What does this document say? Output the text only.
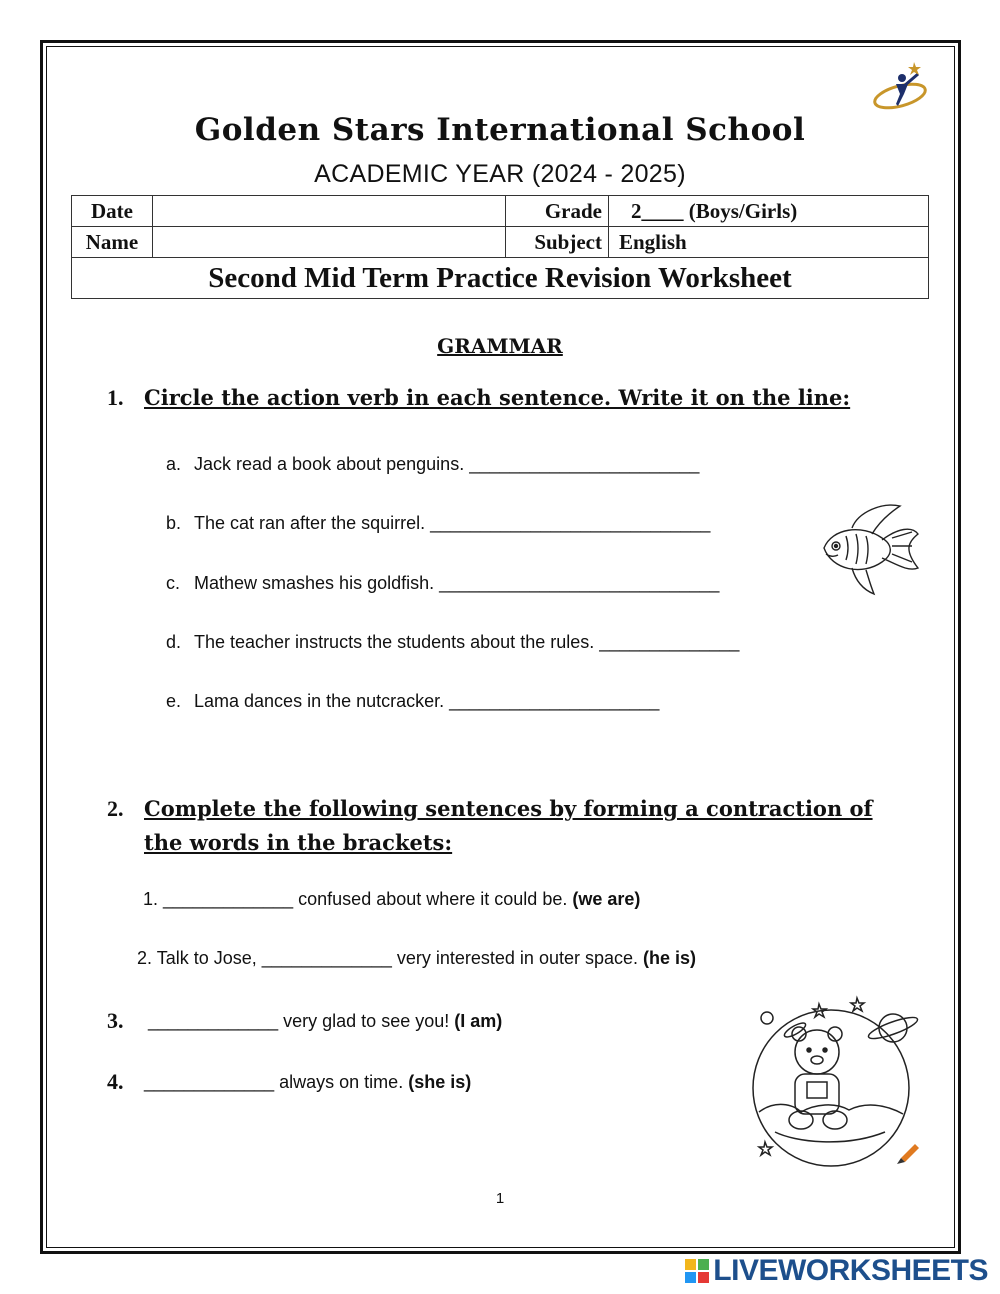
Golden Stars International School
ACADEMIC YEAR (2024 - 2025)
Date		Grade	2____ (Boys/Girls)
Name		Subject	English
Second Mid Term Practice Revision Worksheet			
GRAMMAR
1. Circle the action verb in each sentence. Write it on the line:
a. Jack read a book about penguins. _______________________
b. The cat ran after the squirrel. ____________________________
c. Mathew smashes his goldfish. ____________________________
d. The teacher instructs the students about the rules. ______________
e. Lama dances in the nutcracker. _____________________
2. Complete the following sentences by forming a contraction of
the words in the brackets:
1. _____________ confused about where it could be. (we are)
2. Talk to Jose, _____________ very interested in outer space. (he is)
3. _____________ very glad to see you! (I am)
4. _____________ always on time. (she is)
1
LIVEWORKSHEETS
